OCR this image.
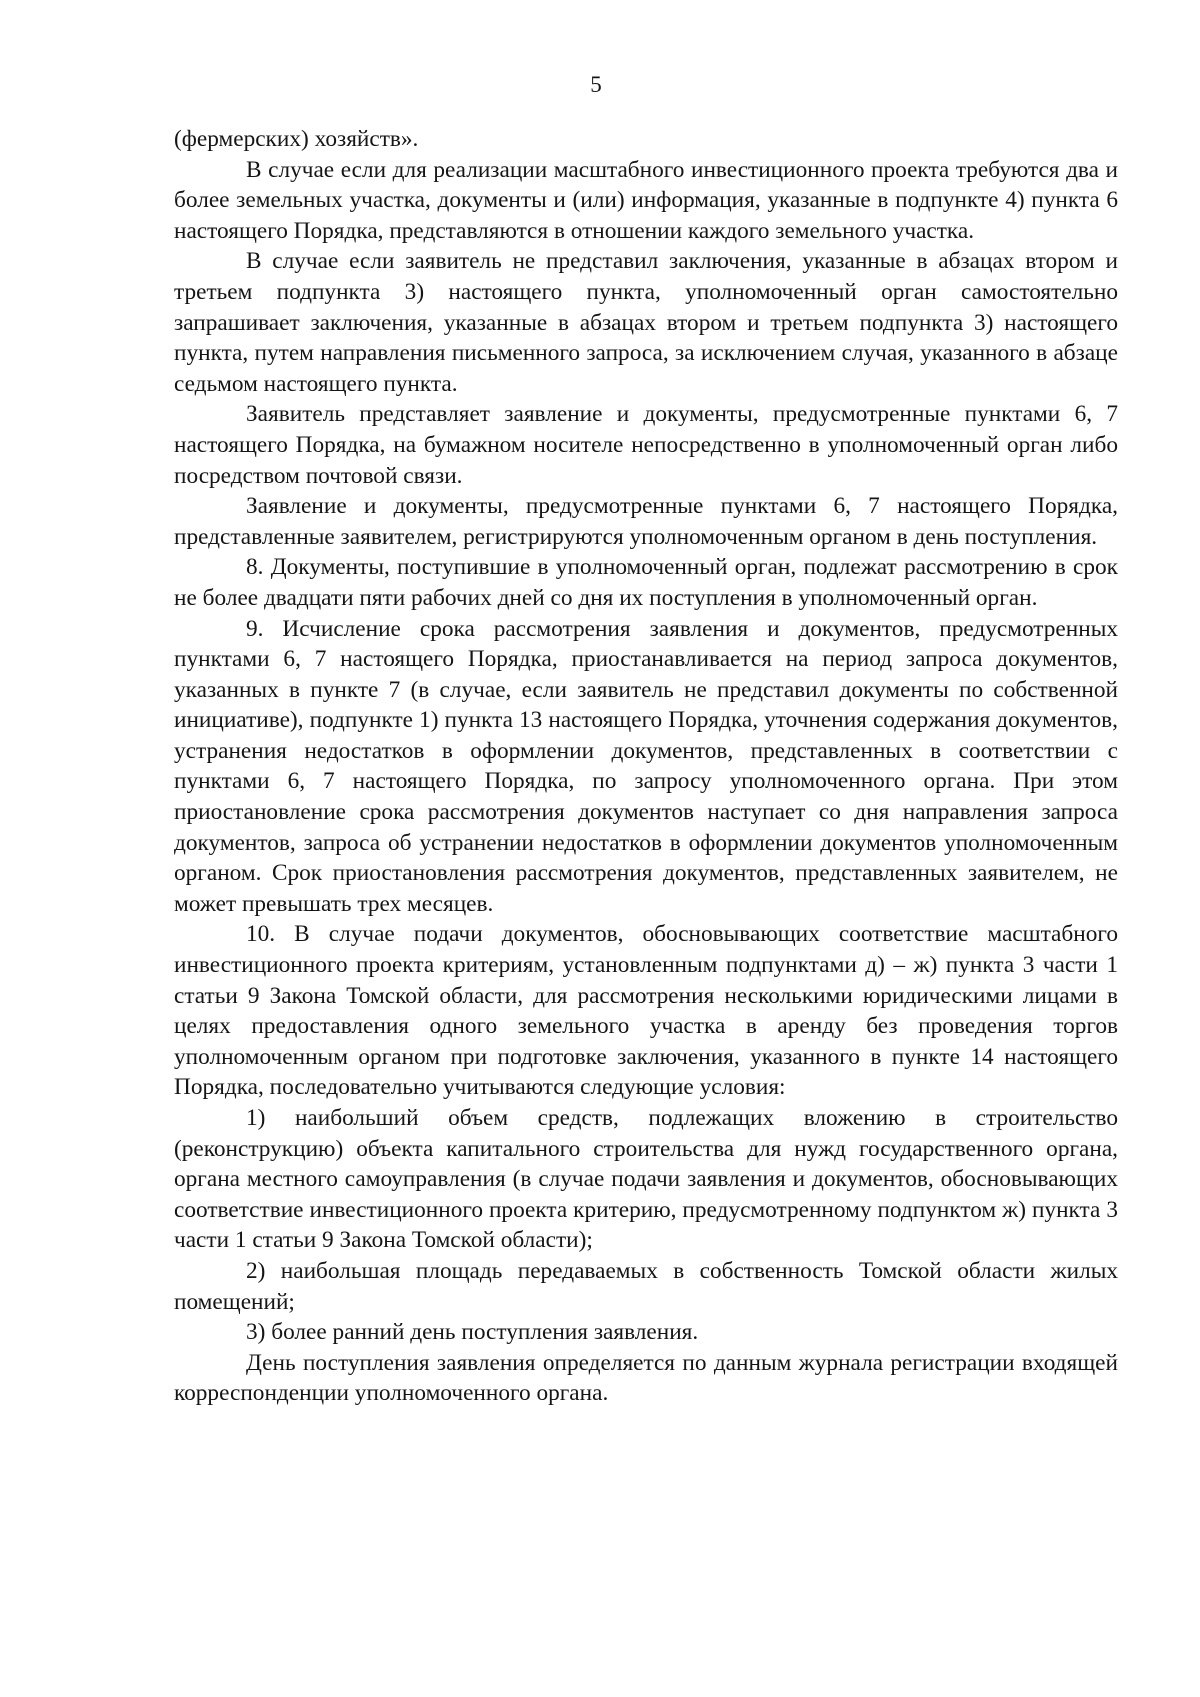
5

(фермерских) хозяйств».

В случае если для реализации масштабного инвестиционного проекта требуются два и более земельных участка, документы и (или) информация, указанные в подпункте 4) пункта 6 настоящего Порядка, представляются в отношении каждого земельного участка.

В случае если заявитель не представил заключения, указанные в абзацах втором и третьем подпункта 3) настоящего пункта, уполномоченный орган самостоятельно запрашивает заключения, указанные в абзацах втором и третьем подпункта 3) настоящего пункта, путем направления письменного запроса, за исключением случая, указанного в абзаце седьмом настоящего пункта.

Заявитель представляет заявление и документы, предусмотренные пунктами 6, 7 настоящего Порядка, на бумажном носителе непосредственно в уполномоченный орган либо посредством почтовой связи.

Заявление и документы, предусмотренные пунктами 6, 7 настоящего Порядка, представленные заявителем, регистрируются уполномоченным органом в день поступления.

8. Документы, поступившие в уполномоченный орган, подлежат рассмотрению в срок не более двадцати пяти рабочих дней со дня их поступления в уполномоченный орган.

9. Исчисление срока рассмотрения заявления и документов, предусмотренных пунктами 6, 7 настоящего Порядка, приостанавливается на период запроса документов, указанных в пункте 7 (в случае, если заявитель не представил документы по собственной инициативе), подпункте 1) пункта 13 настоящего Порядка, уточнения содержания документов, устранения недостатков в оформлении документов, представленных в соответствии с пунктами 6, 7 настоящего Порядка, по запросу уполномоченного органа. При этом приостановление срока рассмотрения документов наступает со дня направления запроса документов, запроса об устранении недостатков в оформлении документов уполномоченным органом. Срок приостановления рассмотрения документов, представленных заявителем, не может превышать трех месяцев.

10. В случае подачи документов, обосновывающих соответствие масштабного инвестиционного проекта критериям, установленным подпунктами д) – ж) пункта 3 части 1 статьи 9 Закона Томской области, для рассмотрения несколькими юридическими лицами в целях предоставления одного земельного участка в аренду без проведения торгов уполномоченным органом при подготовке заключения, указанного в пункте 14 настоящего Порядка, последовательно учитываются следующие условия:

1) наибольший объем средств, подлежащих вложению в строительство (реконструкцию) объекта капитального строительства для нужд государственного органа, органа местного самоуправления (в случае подачи заявления и документов, обосновывающих соответствие инвестиционного проекта критерию, предусмотренному подпунктом ж) пункта 3 части 1 статьи 9 Закона Томской области);

2) наибольшая площадь передаваемых в собственность Томской области жилых помещений;

3) более ранний день поступления заявления.

День поступления заявления определяется по данным журнала регистрации входящей корреспонденции уполномоченного органа.
